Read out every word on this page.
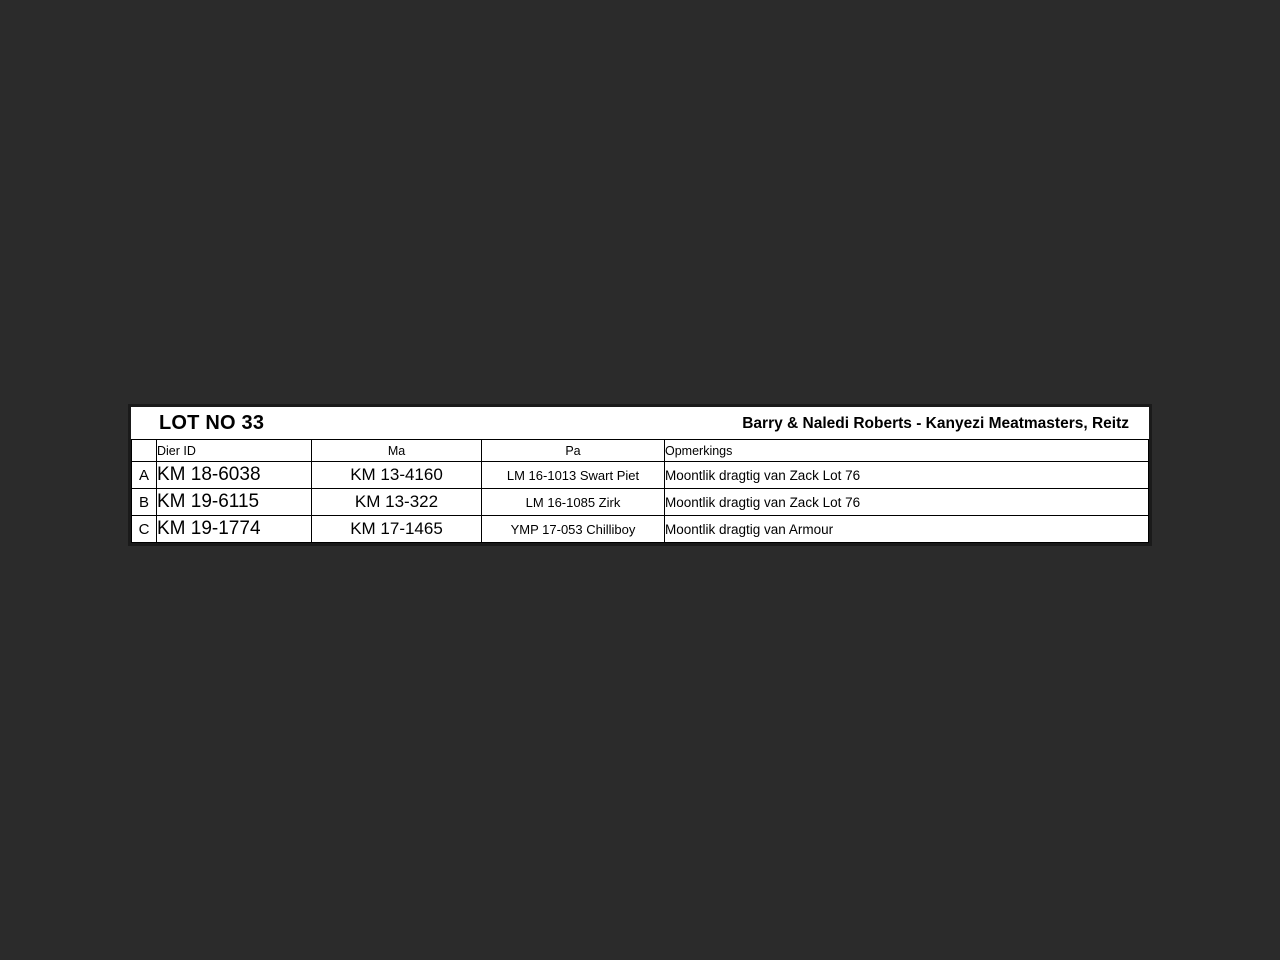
LOT NO 33	Barry & Naledi Roberts - Kanyezi Meatmasters, Reitz
	Dier ID	Ma	Pa	Opmerkings
A	KM 18-6038	KM 13-4160	LM 16-1013 Swart Piet	Moontlik dragtig van Zack Lot 76
B	KM 19-6115	KM 13-322	LM 16-1085 Zirk	Moontlik dragtig van Zack Lot 76
C	KM 19-1774	KM 17-1465	YMP 17-053 Chilliboy	Moontlik dragtig van Armour
